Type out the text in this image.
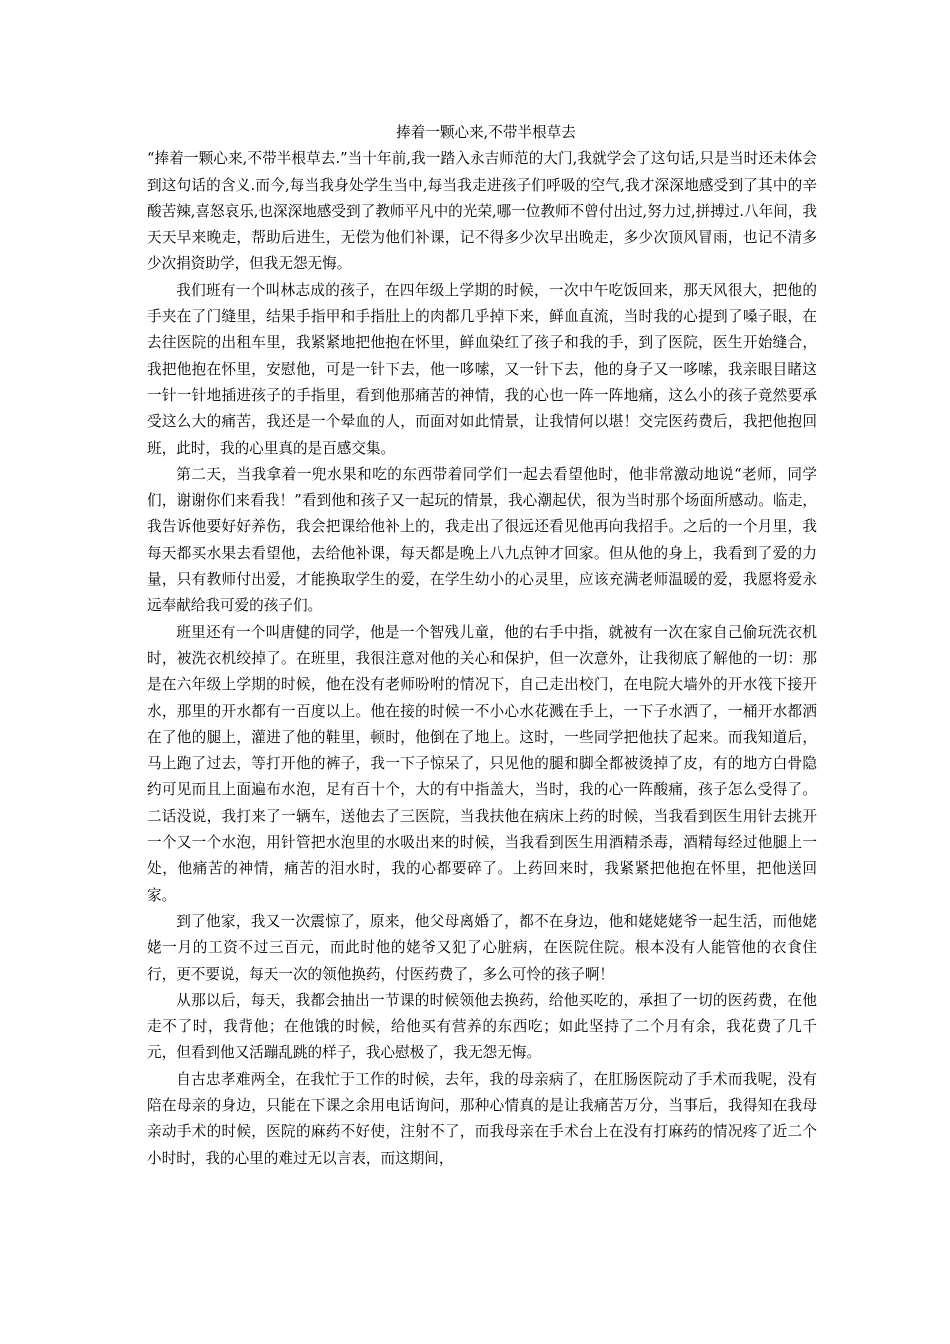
捧着一颗心来,不带半根草去

“捧着一颗心来,不带半根草去.”当十年前,我一踏入永吉师范的大门,我就学会了这句话,只是当时还未体会到这句话的含义.而今,每当我身处学生当中,每当我走进孩子们呼吸的空气,我才深深地感受到了其中的辛酸苦辣,喜怒哀乐,也深深地感受到了教师平凡中的光荣,哪一位教师不曾付出过,努力过,拼搏过.八年间，我天天早来晚走，帮助后进生，无偿为他们补课，记不得多少次早出晚走，多少次顶风冒雨，也记不清多少次捐资助学，但我无怨无悔。

我们班有一个叫林志成的孩子，在四年级上学期的时候，一次中午吃饭回来，那天风很大，把他的手夹在了门缝里，结果手指甲和手指肚上的肉都几乎掉下来，鲜血直流，当时我的心提到了嗓子眼，在去往医院的出租车里，我紧紧地把他抱在怀里，鲜血染红了孩子和我的手，到了医院，医生开始缝合，我把他抱在怀里，安慰他，可是一针下去，他一哆嗦，又一针下去，他的身子又一哆嗦，我亲眼目睹这一针一针地插进孩子的手指里，看到他那痛苦的神情，我的心也一阵一阵地痛，这么小的孩子竟然要承受这么大的痛苦，我还是一个晕血的人，而面对如此情景，让我情何以堪！交完医药费后，我把他抱回班，此时，我的心里真的是百感交集。

第二天，当我拿着一兜水果和吃的东西带着同学们一起去看望他时，他非常激动地说“老师，同学们，谢谢你们来看我！”看到他和孩子又一起玩的情景，我心潮起伏，很为当时那个场面所感动。临走，我告诉他要好好养伤，我会把课给他补上的，我走出了很远还看见他再向我招手。之后的一个月里，我每天都买水果去看望他，去给他补课，每天都是晚上八九点钟才回家。但从他的身上，我看到了爱的力量，只有教师付出爱，才能换取学生的爱，在学生幼小的心灵里，应该充满老师温暖的爱，我愿将爱永远奉献给我可爱的孩子们。

班里还有一个叫唐健的同学，他是一个智残儿童，他的右手中指，就被有一次在家自己偷玩洗衣机时，被洗衣机绞掉了。在班里，我很注意对他的关心和保护，但一次意外，让我彻底了解他的一切：那是在六年级上学期的时候，他在没有老师吩咐的情况下，自己走出校门，在电院大墙外的开水筏下接开水，那里的开水都有一百度以上。他在接的时候一不小心水花溅在手上，一下子水洒了，一桶开水都洒在了他的腿上，灌进了他的鞋里，顿时，他倒在了地上。这时，一些同学把他扶了起来。而我知道后，马上跑了过去，等打开他的裤子，我一下子惊呆了，只见他的腿和脚全都被烫掉了皮，有的地方白骨隐约可见而且上面遍布水泡，足有百十个，大的有中指盖大，当时，我的心一阵酸痛，孩子怎么受得了。二话没说，我打来了一辆车，送他去了三医院，当我扶他在病床上药的时候，当我看到医生用针去挑开一个又一个水泡，用针管把水泡里的水吸出来的时候，当我看到医生用酒精杀毒，酒精每经过他腿上一处，他痛苦的神情，痛苦的泪水时，我的心都要碎了。上药回来时，我紧紧把他抱在怀里，把他送回家。

到了他家，我又一次震惊了，原来，他父母离婚了，都不在身边，他和姥姥姥爷一起生活，而他姥姥一月的工资不过三百元，而此时他的姥爷又犯了心脏病，在医院住院。根本没有人能管他的衣食住行，更不要说，每天一次的领他换药，付医药费了，多么可怜的孩子啊！

从那以后，每天，我都会抽出一节课的时候领他去换药，给他买吃的，承担了一切的医药费，在他走不了时，我背他；在他饿的时候，给他买有营养的东西吃；如此坚持了二个月有余，我花费了几千元，但看到他又活蹦乱跳的样子，我心慰极了，我无怨无悔。

自古忠孝难两全，在我忙于工作的时候，去年，我的母亲病了，在肛肠医院动了手术而我呢，没有陪在母亲的身边，只能在下课之余用电话询问，那种心情真的是让我痛苦万分，当事后，我得知在我母亲动手术的时候，医院的麻药不好使，注射不了，而我母亲在手术台上在没有打麻药的情况疼了近二个小时时，我的心里的难过无以言表，而这期间，
